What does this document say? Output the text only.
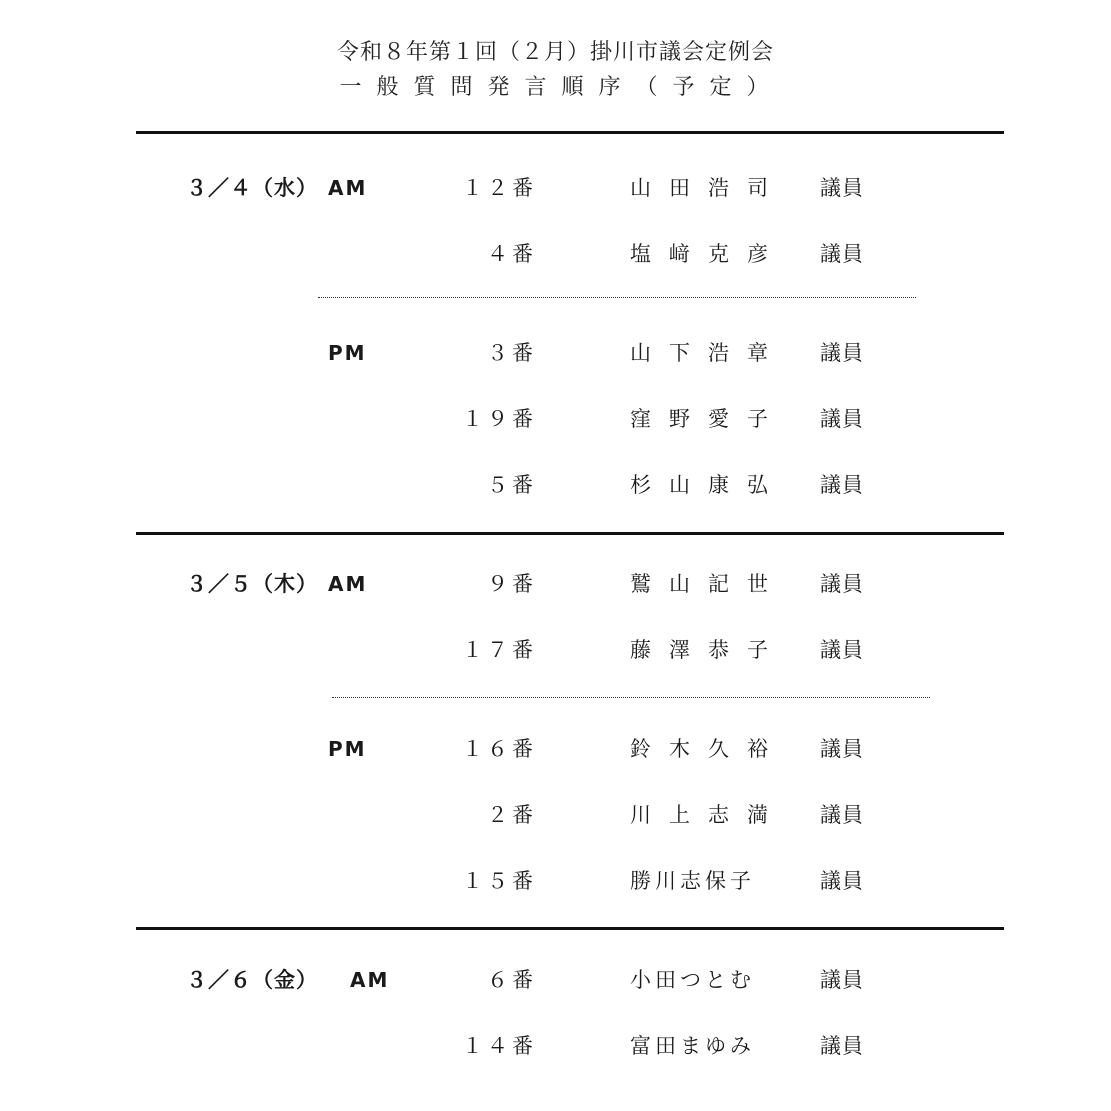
令和８年第１回（２月）掛川市議会定例会
一般質問発言順序（予定）
３／４（水） AM	１２番	山田浩司 議員
４番	塩﨑克彦 議員
PM	３番	山下浩章 議員
１９番	窪野愛子 議員
５番	杉山康弘 議員
３／５（木） AM	９番	鷲山記世 議員
１７番	藤澤恭子 議員
PM	１６番	鈴木久裕 議員
２番	川上志満 議員
１５番	勝川志保子	議員
３／６（金） AM	６番	小田つとむ	議員
１４番	富田まゆみ	議員
